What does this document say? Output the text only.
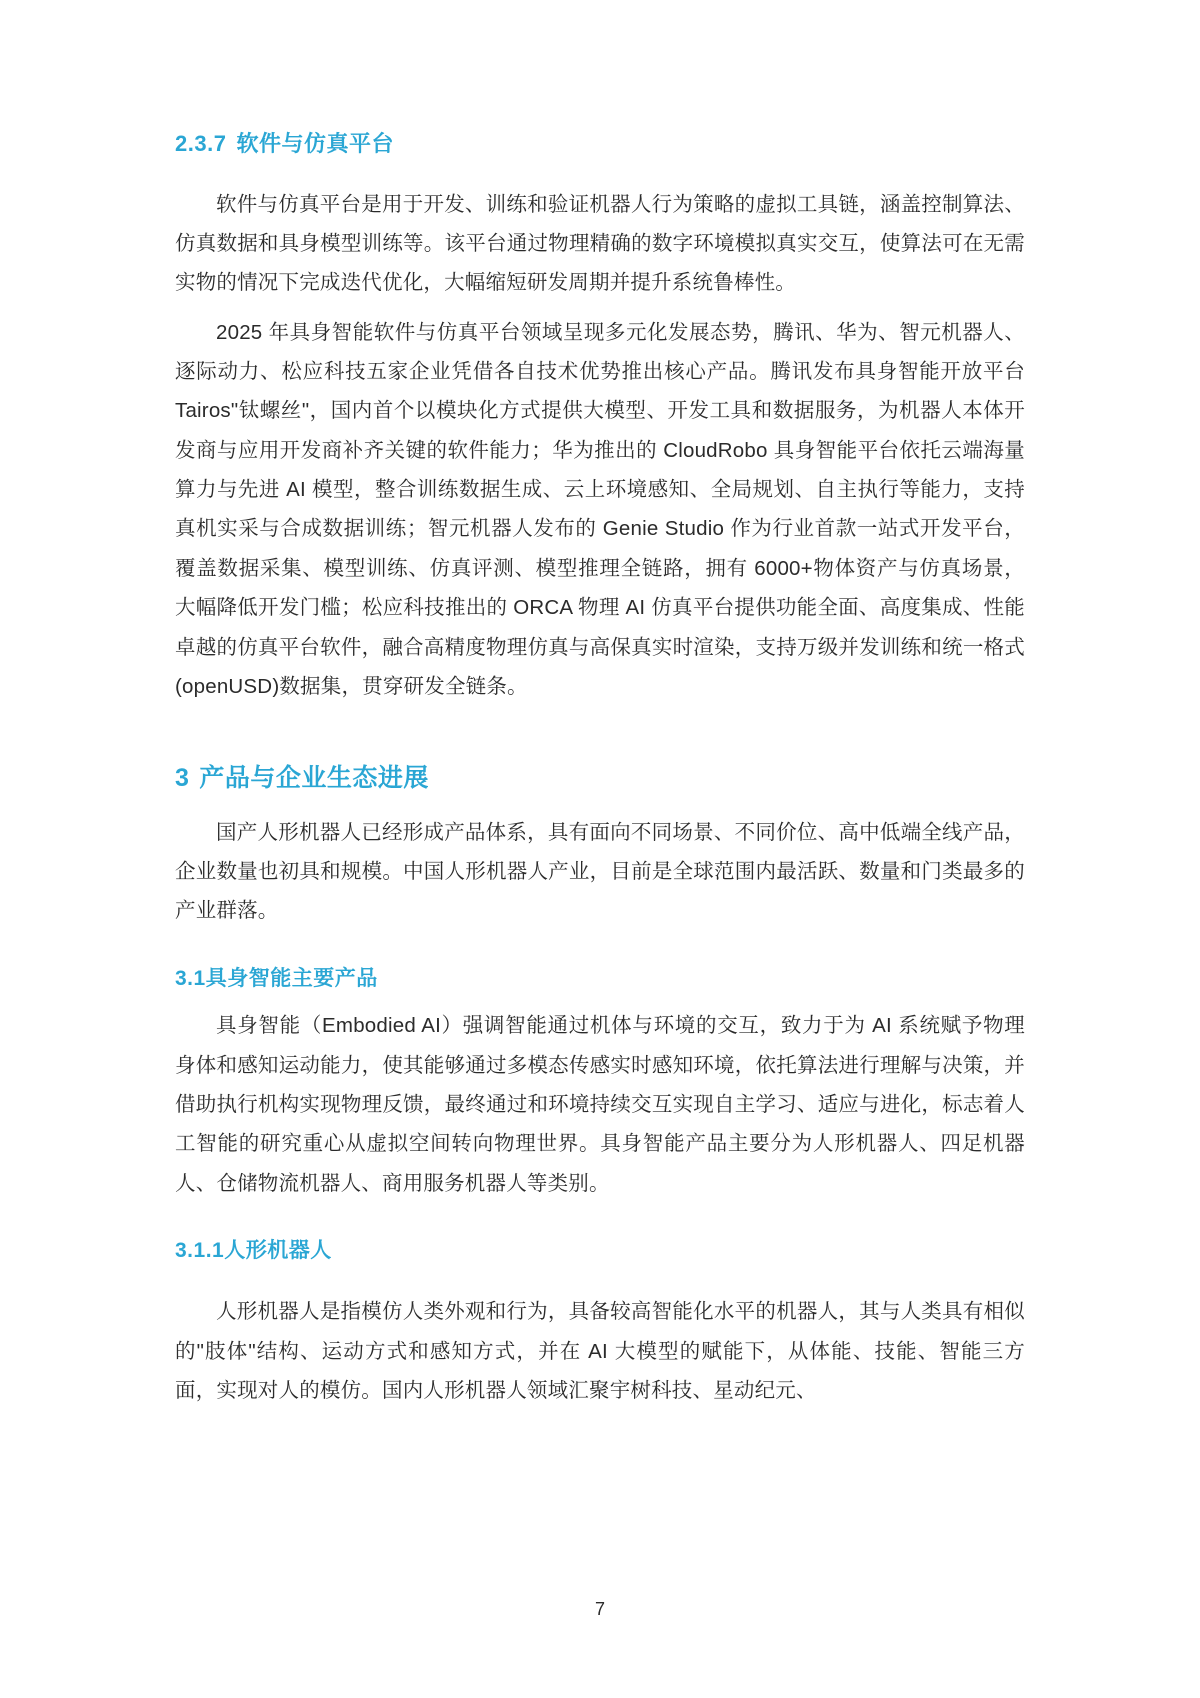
2.3.7 软件与仿真平台

软件与仿真平台是用于开发、训练和验证机器人行为策略的虚拟工具链，涵盖控制算法、仿真数据和具身模型训练等。该平台通过物理精确的数字环境模拟真实交互，使算法可在无需实物的情况下完成迭代优化，大幅缩短研发周期并提升系统鲁棒性。

2025 年具身智能软件与仿真平台领域呈现多元化发展态势，腾讯、华为、智元机器人、逐际动力、松应科技五家企业凭借各自技术优势推出核心产品。腾讯发布具身智能开放平台 Tairos"钛螺丝"，国内首个以模块化方式提供大模型、开发工具和数据服务，为机器人本体开发商与应用开发商补齐关键的软件能力；华为推出的 CloudRobo 具身智能平台依托云端海量算力与先进 AI 模型，整合训练数据生成、云上环境感知、全局规划、自主执行等能力，支持真机实采与合成数据训练；智元机器人发布的 Genie Studio 作为行业首款一站式开发平台，覆盖数据采集、模型训练、仿真评测、模型推理全链路，拥有 6000+物体资产与仿真场景，大幅降低开发门槛；松应科技推出的 ORCA 物理 AI 仿真平台提供功能全面、高度集成、性能卓越的仿真平台软件，融合高精度物理仿真与高保真实时渲染，支持万级并发训练和统一格式(openUSD)数据集，贯穿研发全链条。

3 产品与企业生态进展

国产人形机器人已经形成产品体系，具有面向不同场景、不同价位、高中低端全线产品，企业数量也初具和规模。中国人形机器人产业，目前是全球范围内最活跃、数量和门类最多的产业群落。

3.1具身智能主要产品

具身智能（Embodied AI）强调智能通过机体与环境的交互，致力于为 AI 系统赋予物理身体和感知运动能力，使其能够通过多模态传感实时感知环境，依托算法进行理解与决策，并借助执行机构实现物理反馈，最终通过和环境持续交互实现自主学习、适应与进化，标志着人工智能的研究重心从虚拟空间转向物理世界。具身智能产品主要分为人形机器人、四足机器人、仓储物流机器人、商用服务机器人等类别。

3.1.1人形机器人

人形机器人是指模仿人类外观和行为，具备较高智能化水平的机器人，其与人类具有相似的"肢体"结构、运动方式和感知方式，并在 AI 大模型的赋能下，从体能、技能、智能三方面，实现对人的模仿。国内人形机器人领域汇聚宇树科技、星动纪元、

7
